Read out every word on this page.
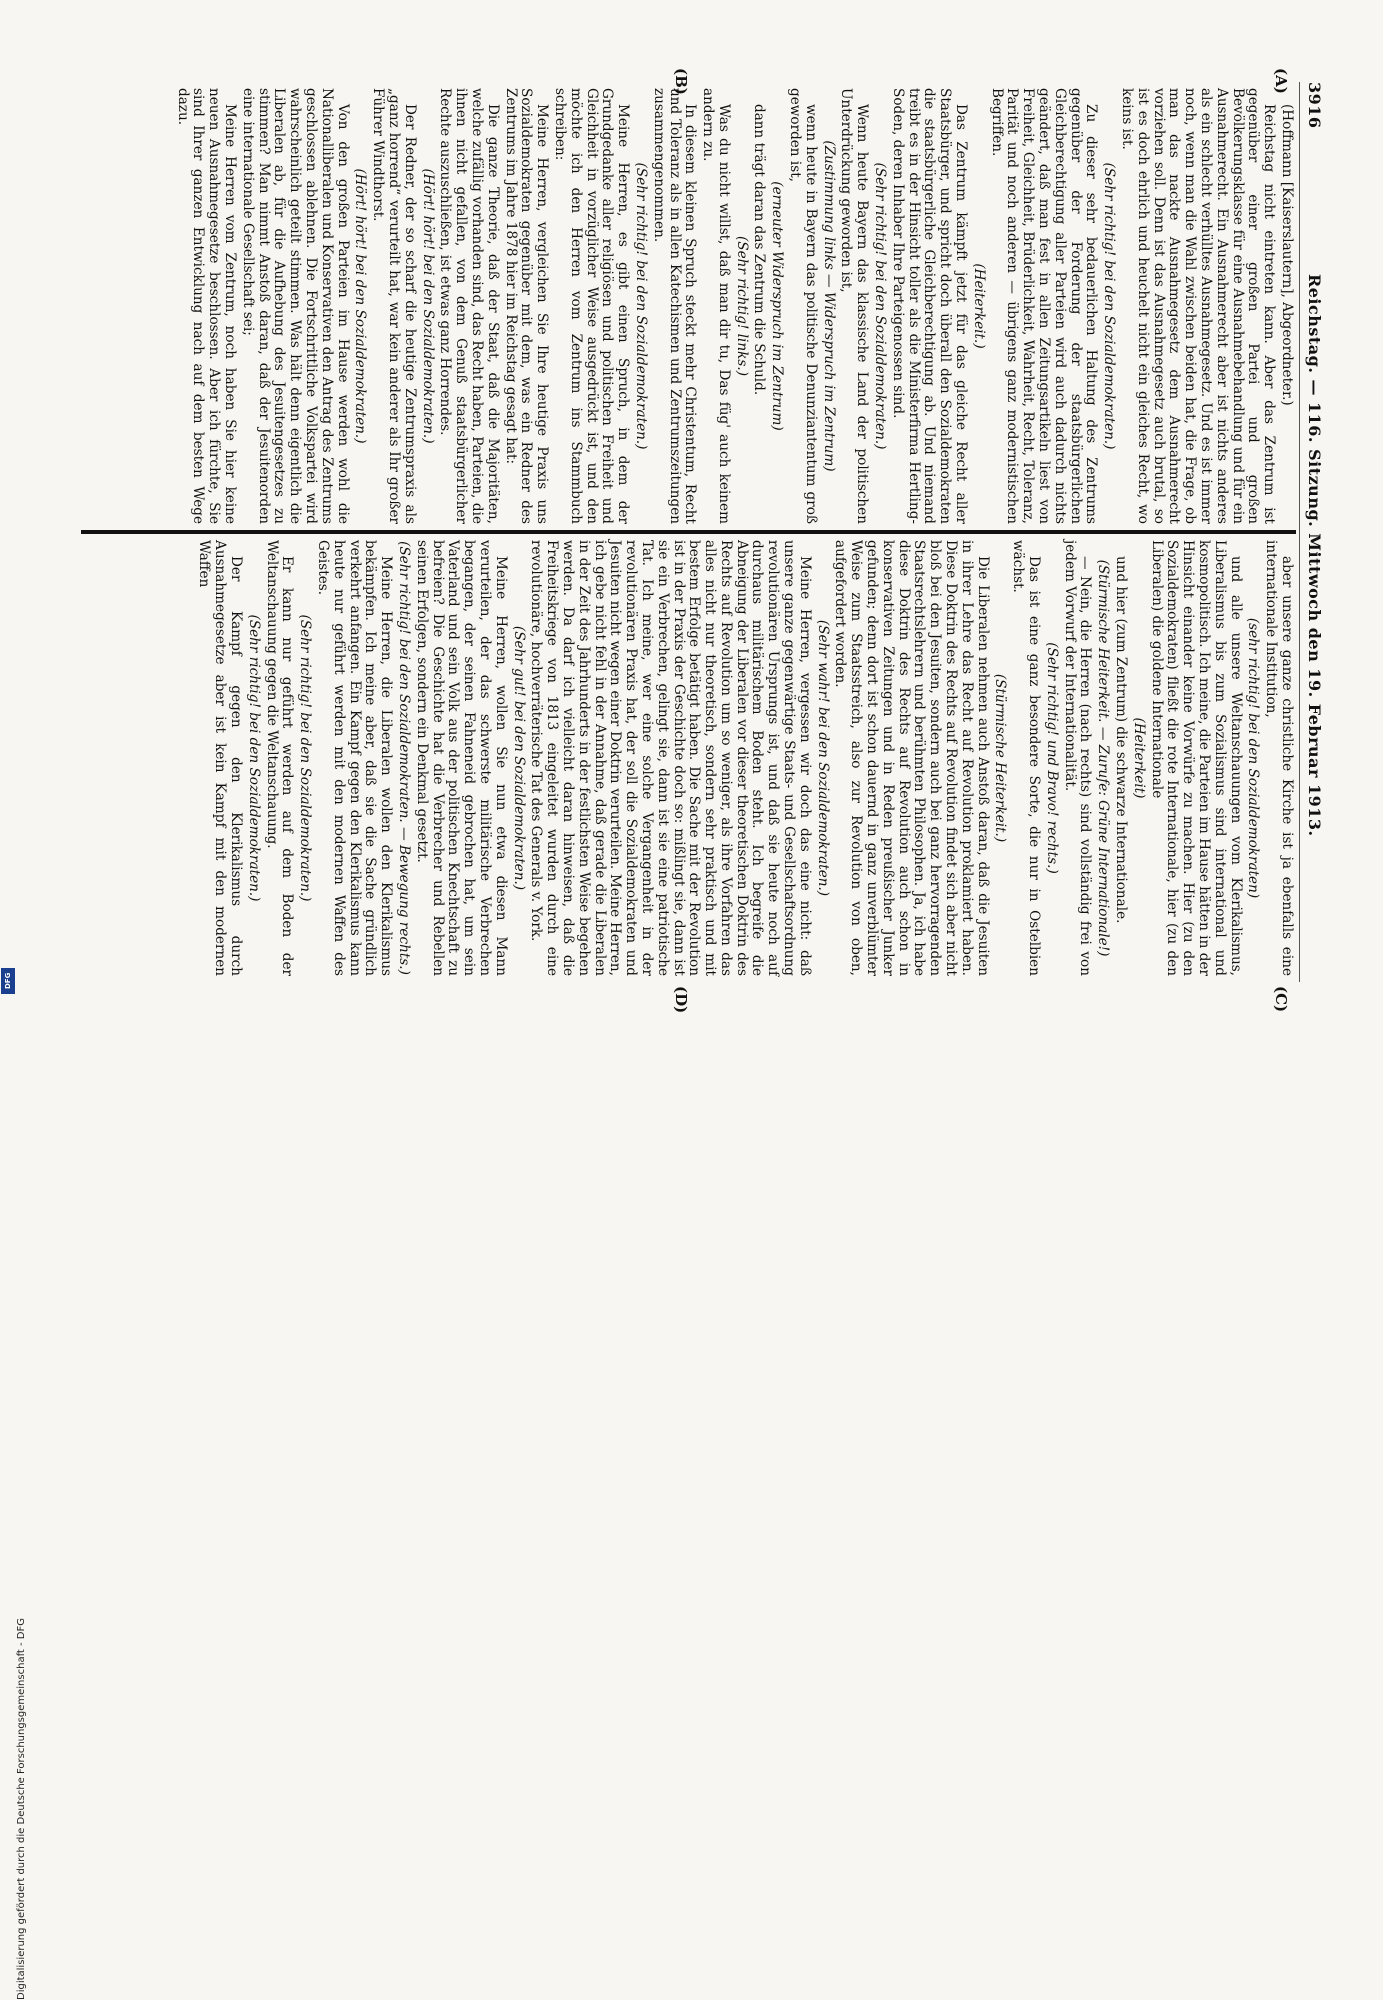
3916
Reichstag. — 116. Sitzung. Mittwoch den 19. Februar 1913.

(Hoffmann [Kaiserslautern], Abgeordneter.)

Reichstag nicht eintreten kann. Aber das Zentrum ist gegenüber einer großen Partei und großen Bevölkerungsklasse für eine Ausnahmebehandlung und für ein Ausnahmerecht. Ein Ausnahmerecht aber ist nichts anderes als ein schlecht verhülltes Ausnahmegesetz. Und es ist immer noch, wenn man die Wahl zwischen beiden hat, die Frage, ob man das nackte Ausnahmegesetz dem Ausnahmerecht vorziehen soll. Denn ist das Ausnahmegesetz auch brutal, so ist es doch ehrlich und heuchelt nicht ein gleiches Recht, wo keins ist.

(Sehr richtig! bei den Sozialdemokraten.)

Zu dieser sehr bedauerlichen Haltung des Zentrums gegenüber der Forderung der staatsbürgerlichen Gleichberechtigung aller Parteien wird auch dadurch nichts geändert, daß man fest in allen Zeitungsartikeln liest von Freiheit, Gleichheit, Brüderlichkeit, Wahrheit, Recht, Toleranz, Parität und noch anderen — übrigens ganz modernistischen Begriffen.

(Heiterkeit.)

Das Zentrum kämpft jetzt für das gleiche Recht aller Staatsbürger, und spricht doch überall den Sozialdemokraten die staatsbürgerliche Gleichberechtigung ab. Und niemand treibt es in der Hinsicht toller als die Ministerfirma Hertling-Soden, deren Inhaber Ihre Parteigenossen sind.

(Sehr richtig! bei den Sozialdemokraten.)

Wenn heute Bayern das klassische Land der politischen Unterdrückung geworden ist,

(Zustimmung links — Widerspruch im Zentrum)

wenn heute in Bayern das politische Denunziantentum groß geworden ist,

(erneuter Widerspruch im Zentrum)

dann trägt daran das Zentrum die Schuld.

(Sehr richtig! links.)

Was du nicht willst, daß man dir tu, Das füg' auch keinem andern zu.

In diesem kleinen Spruch steckt mehr Christentum, Recht und Toleranz als in allen Katechismen und Zentrumszeitungen zusammengenommen.

(Sehr richtig! bei den Sozialdemokraten.)

Meine Herren, es gibt einen Spruch, in dem der Grundgedanke aller religiösen und politischen Freiheit und Gleichheit in vorzüglicher Weise ausgedrückt ist, und den möchte ich den Herren vom Zentrum ins Stammbuch schreiben:

Meine Herren, vergleichen Sie Ihre heutige Praxis uns Sozialdemokraten gegenüber mit dem, was ein Redner des Zentrums im Jahre 1878 hier im Reichstag gesagt hat:

Die ganze Theorie, daß der Staat, daß die Majoritäten, welche zufällig vorhanden sind, das Recht haben, Parteien, die ihnen nicht gefallen, von dem Genuß staatsbürgerlicher Rechte auszuschließen, ist etwas ganz Horrendes.

(Hört! hört! bei den Sozialdemokraten.)

Der Redner, der so scharf die heutige Zentrumspraxis als „ganz horrend“ verurteilt hat, war kein anderer als Ihr großer Führer Windthorst.

(Hört! hört! bei den Sozialdemokraten.)

Von den großen Parteien im Hause werden wohl die Nationalliberalen und Konservativen den Antrag des Zentrums geschlossen ablehnen. Die Fortschrittliche Volkspartei wird wahrscheinlich geteilt stimmen. Was hält denn eigentlich die Liberalen ab, für die Aufhebung des Jesuitengesetzes zu stimmen? Man nimmt Anstoß daran, daß der Jesuitenorden eine internationale Gesellschaft sei;

Meine Herren vom Zentrum, noch haben Sie hier keine neuen Ausnahmegesetze beschlossen. Aber ich fürchte, Sie sind Ihrer ganzen Entwicklung nach auf dem besten Wege dazu.

aber unsere ganze christliche Kirche ist ja ebenfalls eine internationale Institution,

(sehr richtig! bei den Sozialdemokraten)

und alle unsere Weltanschauungen vom Klerikalismus, Liberalismus bis zum Sozialismus sind international und kosmopolitisch. Ich meine, die Parteien im Hause hätten in der Hinsicht einander keine Vorwürfe zu machen. Hier (zu den Sozialdemokraten) fließt die rote Internationale, hier (zu den Liberalen) die goldene Internationale

(Heiterkeit)

und hier (zum Zentrum) die schwarze Internationale.

(Stürmische Heiterkeit. — Zurufe: Grüne Internationale!)

— Nein, die Herren (nach rechts) sind vollständig frei von jedem Vorwurf der Internationalität.

(Sehr richtig! und Bravo! rechts.)

Das ist eine ganz besondere Sorte, die nur in Ostelbien wächst.

(Stürmische Heiterkeit.)

Die Liberalen nehmen auch Anstoß daran, daß die Jesuiten in ihrer Lehre das Recht auf Revolution proklamiert haben. Diese Doktrin des Rechts auf Revolution findet sich aber nicht bloß bei den Jesuiten, sondern auch bei ganz hervorragenden Staatsrechtslehrern und berühmten Philosophen. Ja, ich habe diese Doktrin des Rechts auf Revolution auch schon in konservativen Zeitungen und in Reden preußischer Junker gefunden; denn dort ist schon dauernd in ganz unverblümter Weise zum Staatsstreich, also zur Revolution von oben, aufgefordert worden.

(Sehr wahr! bei den Sozialdemokraten.)

Meine Herren, vergessen wir doch das eine nicht: daß unsere ganze gegenwärtige Staats- und Gesellschaftsordnung revolutionären Ursprungs ist, und daß sie heute noch auf durchaus militärischem Boden steht. Ich begreife die Abneigung der Liberalen vor dieser theoretischen Doktrin des Rechts auf Revolution um so weniger, als ihre Vorfahren das alles nicht nur theoretisch, sondern sehr praktisch und mit bestem Erfolge betätigt haben. Die Sache mit der Revolution ist in der Praxis der Geschichte doch so: mißlingt sie, dann ist sie ein Verbrechen, gelingt sie, dann ist sie eine patriotische Tat. Ich meine, wer eine solche Vergangenheit in der revolutionären Praxis hat, der soll die Sozialdemokraten und Jesuiten nicht wegen einer Doktrin verurteilen. Meine Herren, ich gebe nicht fehl in der Annahme, daß gerade die Liberalen in der Zeit des Jahrhunderts in der festlichsten Weise begehen werden. Da darf ich vielleicht daran hinweisen, daß die Freiheitskriege von 1813 eingeleitet wurden durch eine revolutionäre, hochverräterische Tat des Generals v. York.

(Sehr gut! bei den Sozialdemokraten.)

Meine Herren, wollen Sie nun etwa diesen Mann verurteilen, der das schwerste militärische Verbrechen begangen, der seinen Fahneneid gebrochen hat, um sein Vaterland und sein Volk aus der politischen Knechtschaft zu befreien? Die Geschichte hat die Verbrecher und Rebellen seinen Erfolgen, sondern ein Denkmal gesetzt.

(Sehr richtig! bei den Sozialdemokraten. — Bewegung rechts.)

Meine Herren, die Liberalen wollen den Klerikalismus bekämpfen. Ich meine aber, daß sie die Sache gründlich verkehrt anfangen. Ein Kampf gegen den Klerikalismus kann heute nur geführt werden mit den modernen Waffen des Geistes.

(Sehr richtig! bei den Sozialdemokraten.)

Er kann nur geführt werden auf dem Boden der Weltanschauung gegen die Weltanschauung.

(Sehr richtig! bei den Sozialdemokraten.)

Der Kampf gegen den Klerikalismus durch Ausnahmegesetze aber ist kein Kampf mit den modernen Waffen

(A)
(B)
(C)
(D)
Digitalisierung gefördert durch die Deutsche Forschungsgemeinschaft - DFG
DFG
